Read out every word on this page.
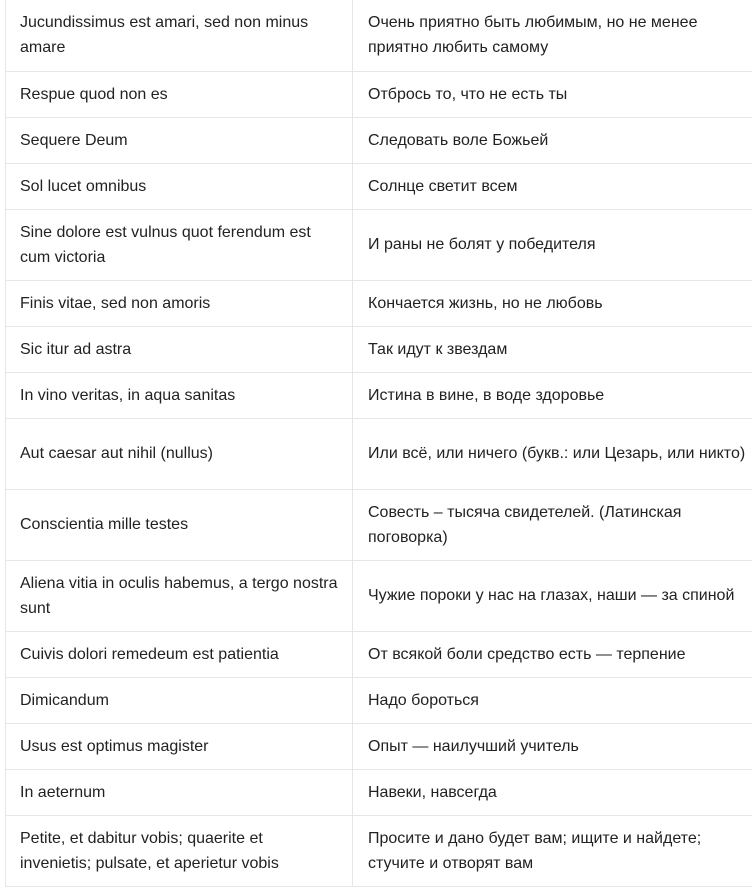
Jucundissimus est amari, sed non minus amare	Очень приятно быть любимым, но не менее приятно любить самому
Respue quod non es	Отбрось то, что не есть ты
Sequere Deum	Следовать воле Божьей
Sol lucet omnibus	Солнце светит всем
Sine dolore est vulnus quot ferendum est cum victoria	И раны не болят у победителя
Finis vitae, sed non amoris	Кончается жизнь, но не любовь
Sic itur ad astra	Так идут к звездам
In vino veritas, in aqua sanitas	Истина в вине, в воде здоровье
Aut caesar aut nihil (nullus)	Или всё, или ничего (букв.: или Цезарь, или никто)
Conscientia mille testes	Совесть – тысяча свидетелей. (Латинская поговорка)
Aliena vitia in oculis habemus, a tergo nostra sunt	Чужие пороки у нас на глазах, наши — за спиной
Cuivis dolori remedeum est patientia	От всякой боли средство есть — терпение
Dimicandum	Надо бороться
Usus est optimus magister	Опыт — наилучший учитель
In aeternum	Навеки, навсегда
Petite, et dabitur vobis; quaerite et invenietis; pulsate, et aperietur vobis	Просите и дано будет вам; ищите и найдете; стучите и отворят вам
